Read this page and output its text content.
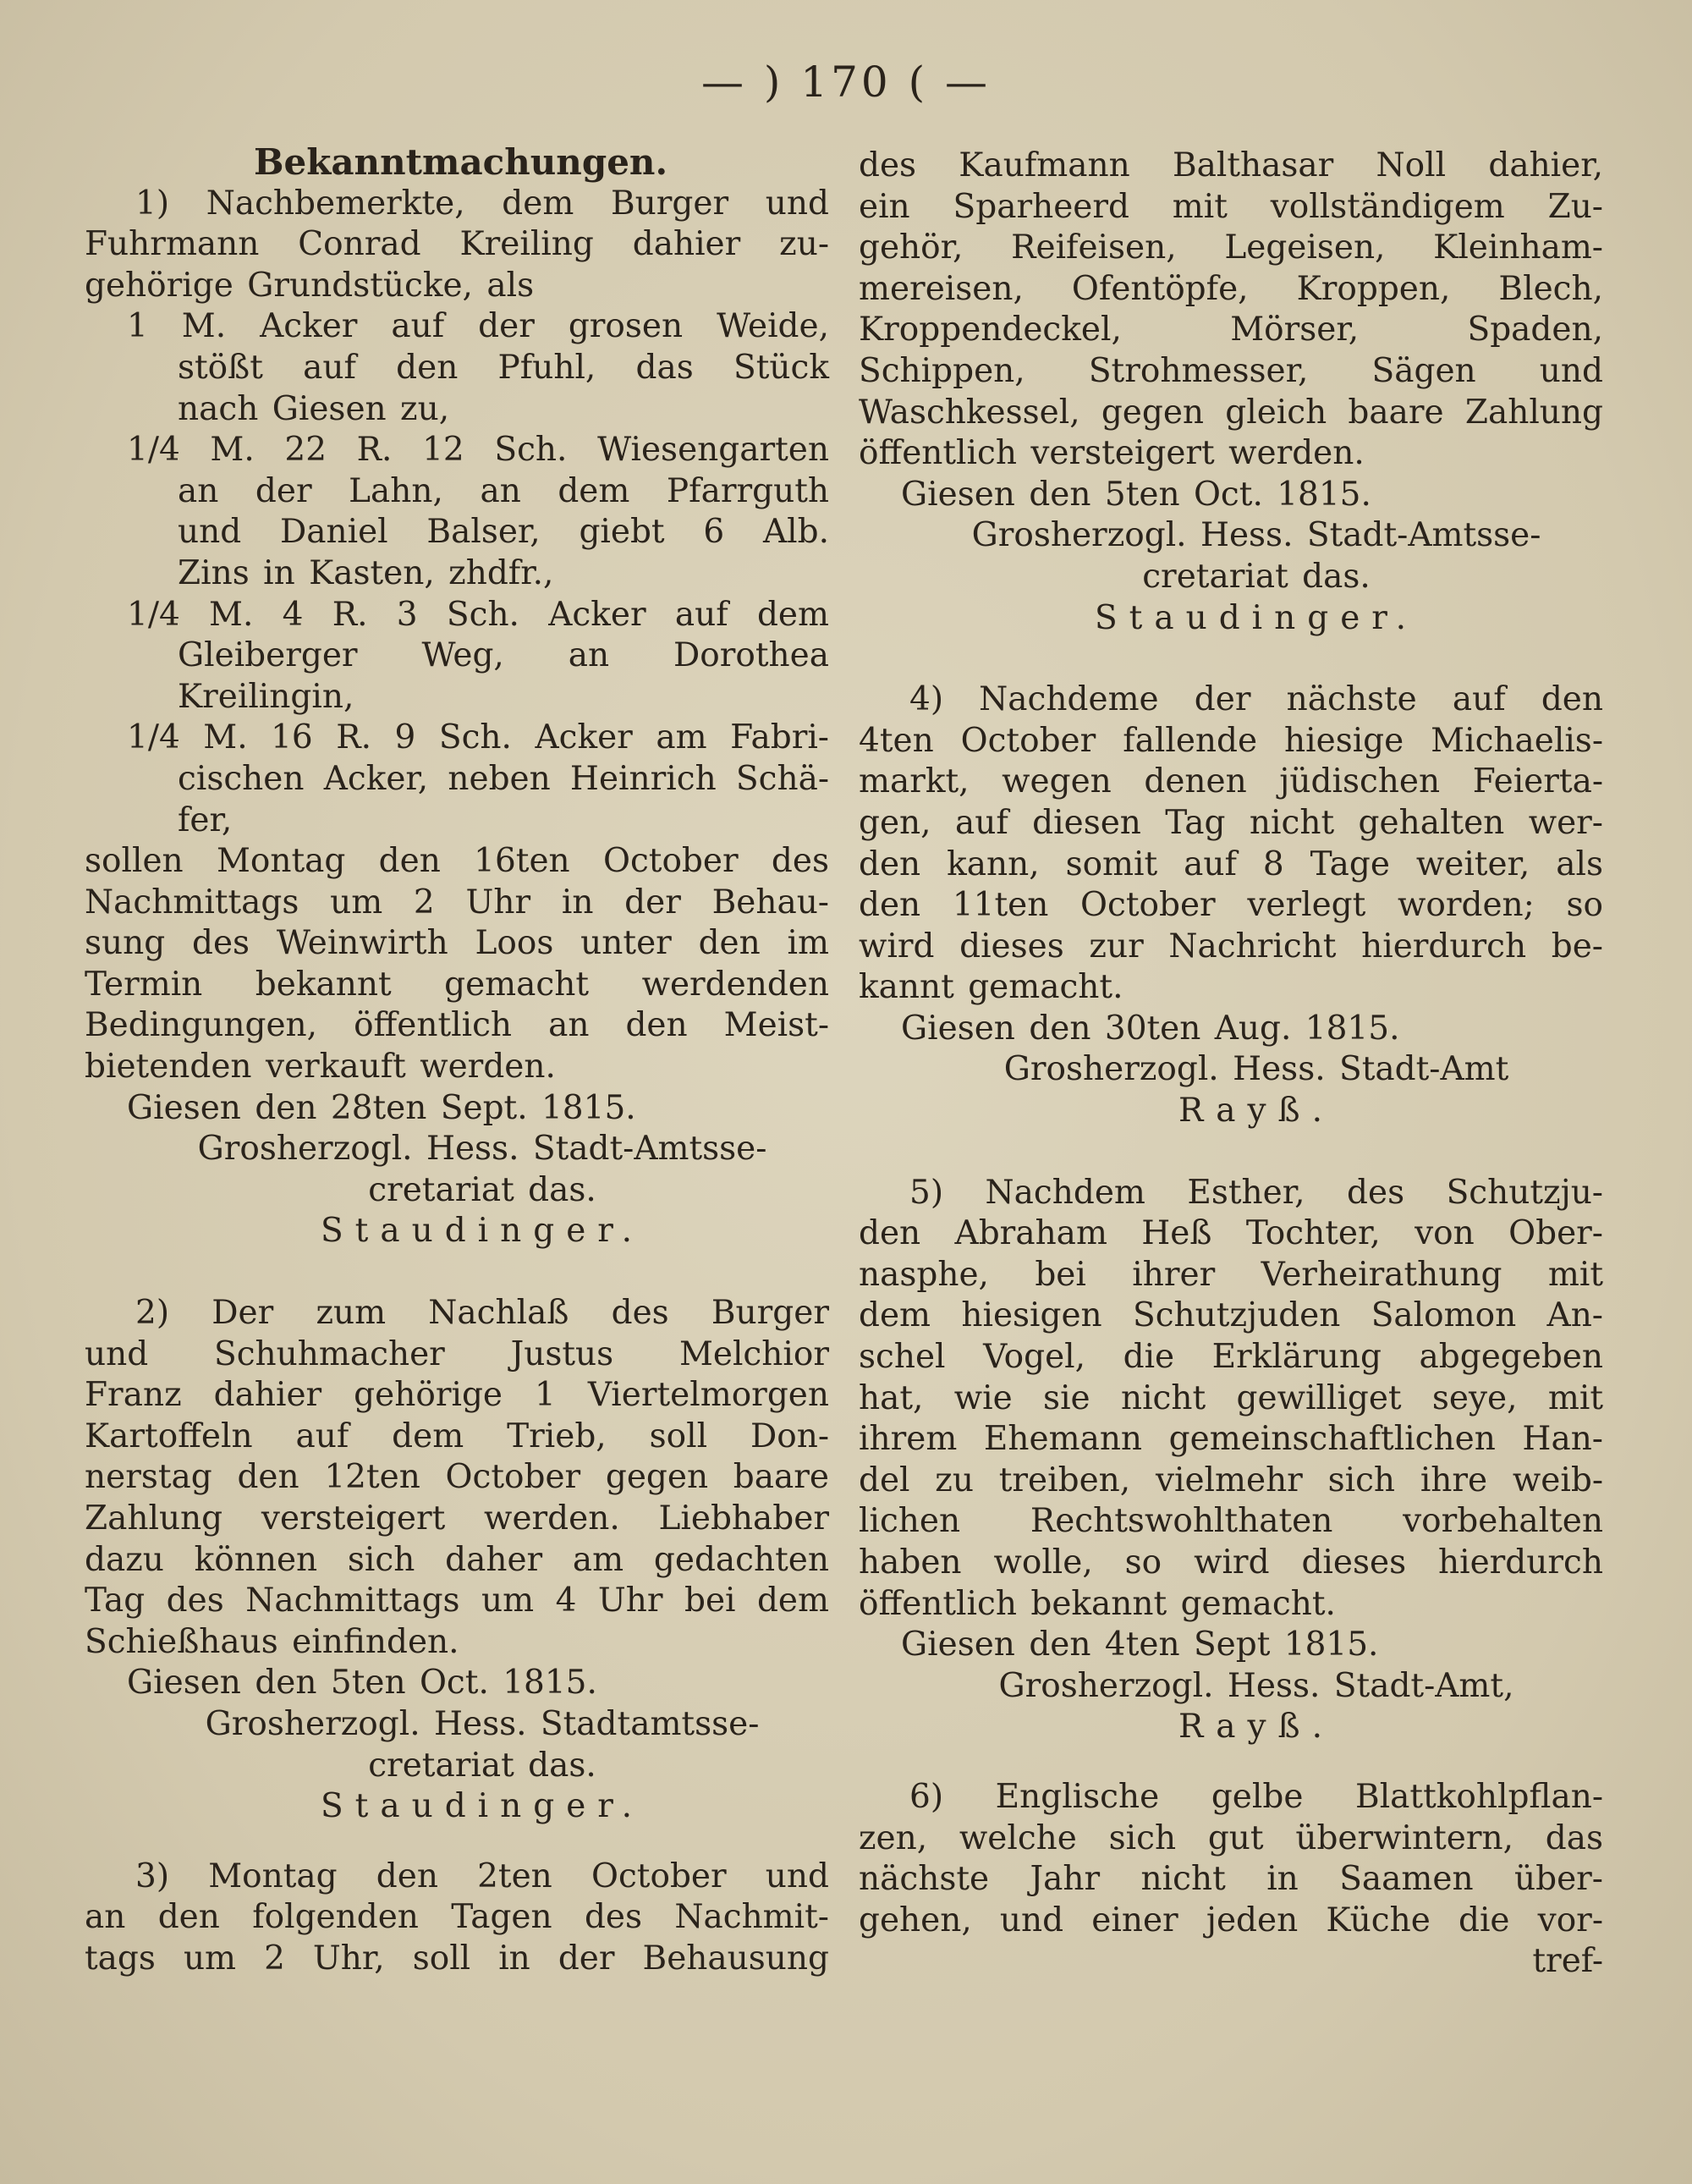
— ) 170 ( —
Bekanntmachungen.
1) Nachbemerkte, dem Burger und
Fuhrmann Conrad Kreiling dahier zu-
gehörige Grundstücke, als
1 M. Acker auf der grosen Weide,
stößt auf den Pfuhl, das Stück
nach Giesen zu,
1/4 M. 22 R. 12 Sch. Wiesengarten
an der Lahn, an dem Pfarrguth
und Daniel Balser, giebt 6 Alb.
Zins in Kasten, zhdfr.,
1/4 M. 4 R. 3 Sch. Acker auf dem
Gleiberger Weg, an Dorothea
Kreilingin,
1/4 M. 16 R. 9 Sch. Acker am Fabri-
cischen Acker, neben Heinrich Schä-
fer,
sollen Montag den 16ten October des
Nachmittags um 2 Uhr in der Behau-
sung des Weinwirth Loos unter den im
Termin bekannt gemacht werdenden
Bedingungen, öffentlich an den Meist-
bietenden verkauft werden.
Giesen den 28ten Sept. 1815.
Grosherzogl. Hess. Stadt-Amtsse-
cretariat das.
Staudinger.
2) Der zum Nachlaß des Burger
und Schuhmacher Justus Melchior
Franz dahier gehörige 1 Viertelmorgen
Kartoffeln auf dem Trieb, soll Don-
nerstag den 12ten October gegen baare
Zahlung versteigert werden. Liebhaber
dazu können sich daher am gedachten
Tag des Nachmittags um 4 Uhr bei dem
Schießhaus einfinden.
Giesen den 5ten Oct. 1815.
Grosherzogl. Hess. Stadtamtsse-
cretariat das.
Staudinger.
3) Montag den 2ten October und
an den folgenden Tagen des Nachmit-
tags um 2 Uhr, soll in der Behausung
des Kaufmann Balthasar Noll dahier,
ein Sparheerd mit vollständigem Zu-
gehör, Reifeisen, Legeisen, Kleinham-
mereisen, Ofentöpfe, Kroppen, Blech,
Kroppendeckel, Mörser, Spaden,
Schippen, Strohmesser, Sägen und
Waschkessel, gegen gleich baare Zahlung
öffentlich versteigert werden.
Giesen den 5ten Oct. 1815.
Grosherzogl. Hess. Stadt-Amtsse-
cretariat das.
Staudinger.
4) Nachdeme der nächste auf den
4ten October fallende hiesige Michaelis-
markt, wegen denen jüdischen Feierta-
gen, auf diesen Tag nicht gehalten wer-
den kann, somit auf 8 Tage weiter, als
den 11ten October verlegt worden; so
wird dieses zur Nachricht hierdurch be-
kannt gemacht.
Giesen den 30ten Aug. 1815.
Grosherzogl. Hess. Stadt-Amt
Rayß.
5) Nachdem Esther, des Schutzju-
den Abraham Heß Tochter, von Ober-
nasphe, bei ihrer Verheirathung mit
dem hiesigen Schutzjuden Salomon An-
schel Vogel, die Erklärung abgegeben
hat, wie sie nicht gewilliget seye, mit
ihrem Ehemann gemeinschaftlichen Han-
del zu treiben, vielmehr sich ihre weib-
lichen Rechtswohlthaten vorbehalten
haben wolle, so wird dieses hierdurch
öffentlich bekannt gemacht.
Giesen den 4ten Sept 1815.
Grosherzogl. Hess. Stadt-Amt,
Rayß.
6) Englische gelbe Blattkohlpflan-
zen, welche sich gut überwintern, das
nächste Jahr nicht in Saamen über-
gehen, und einer jeden Küche die vor-
tref-
